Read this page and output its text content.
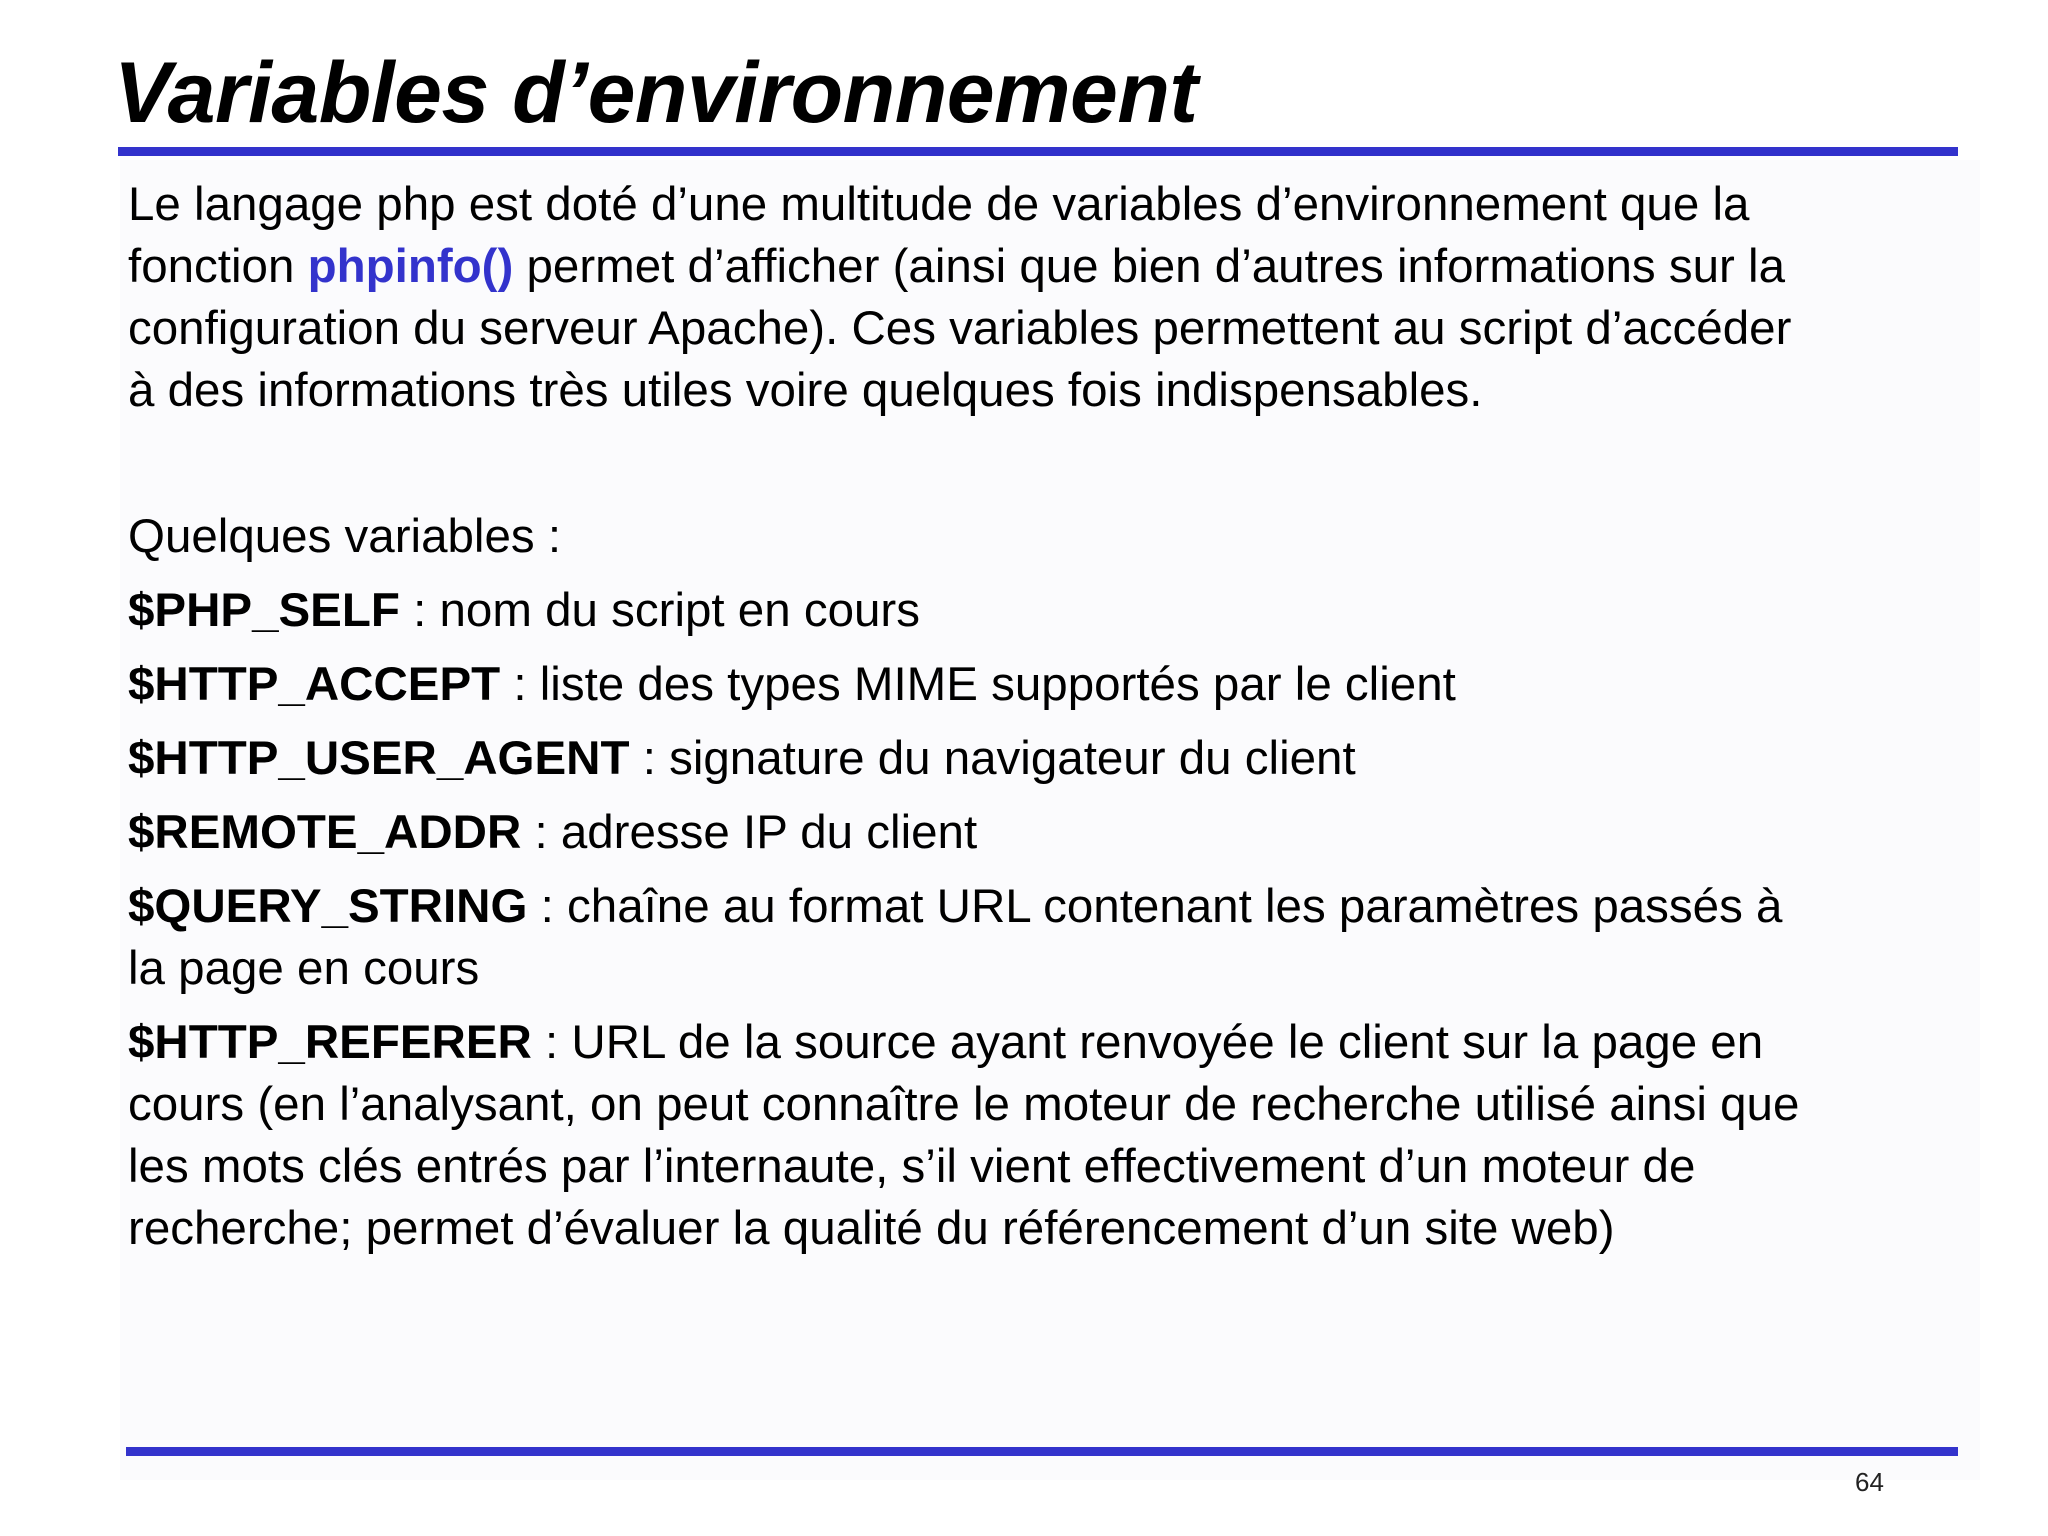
Variables d’environnement
Le langage php est doté d’une multitude de variables d’environnement que la
fonction phpinfo() permet d’afficher (ainsi que bien d’autres informations sur la
configuration du serveur Apache). Ces variables permettent au script d’accéder
à des informations très utiles voire quelques fois indispensables.
Quelques variables :
$PHP_SELF : nom du script en cours
$HTTP_ACCEPT : liste des types MIME supportés par le client
$HTTP_USER_AGENT : signature du navigateur du client
$REMOTE_ADDR : adresse IP du client
$QUERY_STRING : chaîne au format URL contenant les paramètres passés à
la page en cours
$HTTP_REFERER : URL de la source ayant renvoyée le client sur la page en
cours (en l’analysant, on peut connaître le moteur de recherche utilisé ainsi que
les mots clés entrés par l’internaute, s’il vient effectivement d’un moteur de
recherche; permet d’évaluer la qualité du référencement d’un site web)
64
